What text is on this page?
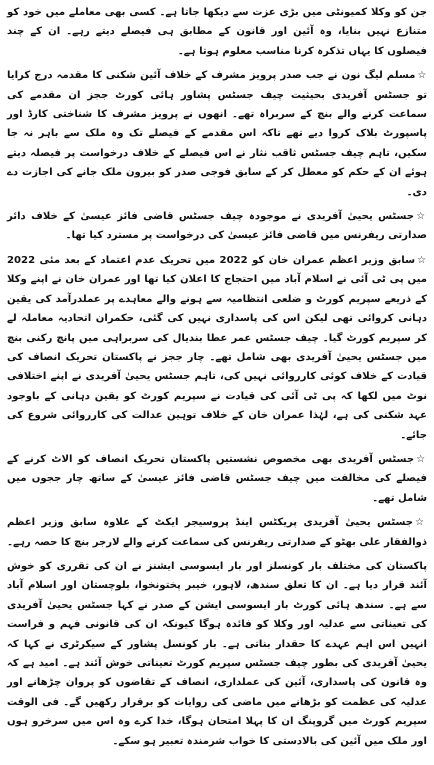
جن کو وکلا کمیونٹی میں بڑی عزت سے دیکھا جاتا ہے۔ کسی بھی معاملے میں خود کو متنازع نہیں بنایا، وہ آئین اور قانون کے مطابق ہی فیصلے دیتے رہے۔ ان کے چند فیصلوں کا یہاں تذکرہ کرنا مناسب معلوم ہوتا ہے۔

☆مسلم لیگ نون نے جب صدر پرویز مشرف کے خلاف آئین شکنی کا مقدمہ درج کرایا تو جسٹس آفریدی بحیثیت چیف جسٹس پشاور ہائی کورٹ ججز ان مقدمے کی سماعت کرنے والے بنچ کے سربراہ تھے۔ انھوں نے پرویز مشرف کا شناختی کارڈ اور پاسپورٹ بلاک کروا دیے تھے تاکہ اس مقدمے کے فیصلے تک وہ ملک سے باہر نہ جا سکیں، تاہم چیف جسٹس ثاقب نثار نے اس فیصلے کے خلاف درخواست پر فیصلہ دیتے ہوئے ان کے حکم کو معطل کر کے سابق فوجی صدر کو بیرون ملک جانے کی اجازت دے دی۔

☆جسٹس یحییٰ آفریدی نے موجودہ چیف جسٹس قاضی فائز عیسیٰ کے خلاف دائر صدارتی ریفرنس میں قاضی فائز عیسیٰ کی درخواست پر مسترد کیا تھا۔

☆سابق وزیر اعظم عمران خان کو 2022 میں تحریک عدم اعتماد کے بعد مئی 2022 میں پی ٹی آئی نے اسلام آباد میں احتجاج کا اعلان کیا تھا اور عمران خان نے اپنے وکلا کے ذریعے سپریم کورٹ و ضلعی انتظامیہ سے ہونے والے معاہدے پر عملدرآمد کی یقین دہانی کروائی تھی لیکن اس کی پاسداری نہیں کی گئی، حکمران اتحادیہ معاملہ لے کر سپریم کورٹ گیا۔ چیف جسٹس عمر عطا بندیال کی سربراہی میں پانچ رکنی بنچ میں جسٹس یحییٰ آفریدی بھی شامل تھے۔ چار ججز نے پاکستان تحریک انصاف کی قیادت کے خلاف کوئی کارروائی نہیں کی، تاہم جسٹس یحییٰ آفریدی نے اپنے اختلافی نوٹ میں لکھا کہ پی ٹی آئی کی قیادت نے سپریم کورٹ کو یقین دہانی کے باوجود عہد شکنی کی ہے، لہٰذا عمران خان کے خلاف توہین عدالت کی کارروائی شروع کی جائے۔

☆جسٹس آفریدی بھی مخصوص نشستیں پاکستان تحریک انصاف کو الاٹ کرنے کے فیصلے کی مخالفت میں چیف جسٹس قاضی فائز عیسیٰ کے ساتھ چار ججوں میں شامل تھے۔

☆جسٹس یحییٰ آفریدی پریکٹس اینڈ پروسیجر ایکٹ کے علاوہ سابق وزیر اعظم ذوالفقار علی بھٹو کے صدارتی ریفرنس کی سماعت کرنے والے لارجر بنچ کا حصہ رہے۔

پاکستان کی مختلف بار کونسلز اور بار ایسوسی ایشنز نے ان کی تقرری کو خوش آئند قرار دیا ہے۔ ان کا تعلق سندھ، لاہور، خیبر پختونخوا، بلوچستان اور اسلام آباد سے ہے۔ سندھ ہائی کورٹ بار ایسوسی ایشن کے صدر نے کہا جسٹس یحییٰ آفریدی کی تعیناتی سے عدلیہ اور وکلا کو فائدہ ہوگا کیونکہ ان کی قانونی فہم و فراست انہیں اس اہم عہدے کا حقدار بناتی ہے۔ بار کونسل پشاور کے سیکرٹری نے کہا کہ یحییٰ آفریدی کی بطور چیف جسٹس سپریم کورٹ تعیناتی خوش آئند ہے۔ امید ہے کہ وہ قانون کی پاسداری، آئین کی عملداری، انصاف کے تقاضوں کو پروان چڑھانے اور عدلیہ کی عظمت کو بڑھانے میں ماضی کی روایات کو برقرار رکھیں گے۔ فی الوقت سپریم کورٹ میں گروپنگ ان کا پہلا امتحان ہوگا، خدا کرے وہ اس میں سرخرو ہوں اور ملک میں آئین کی بالادستی کا خواب شرمندہ تعبیر ہو سکے۔
